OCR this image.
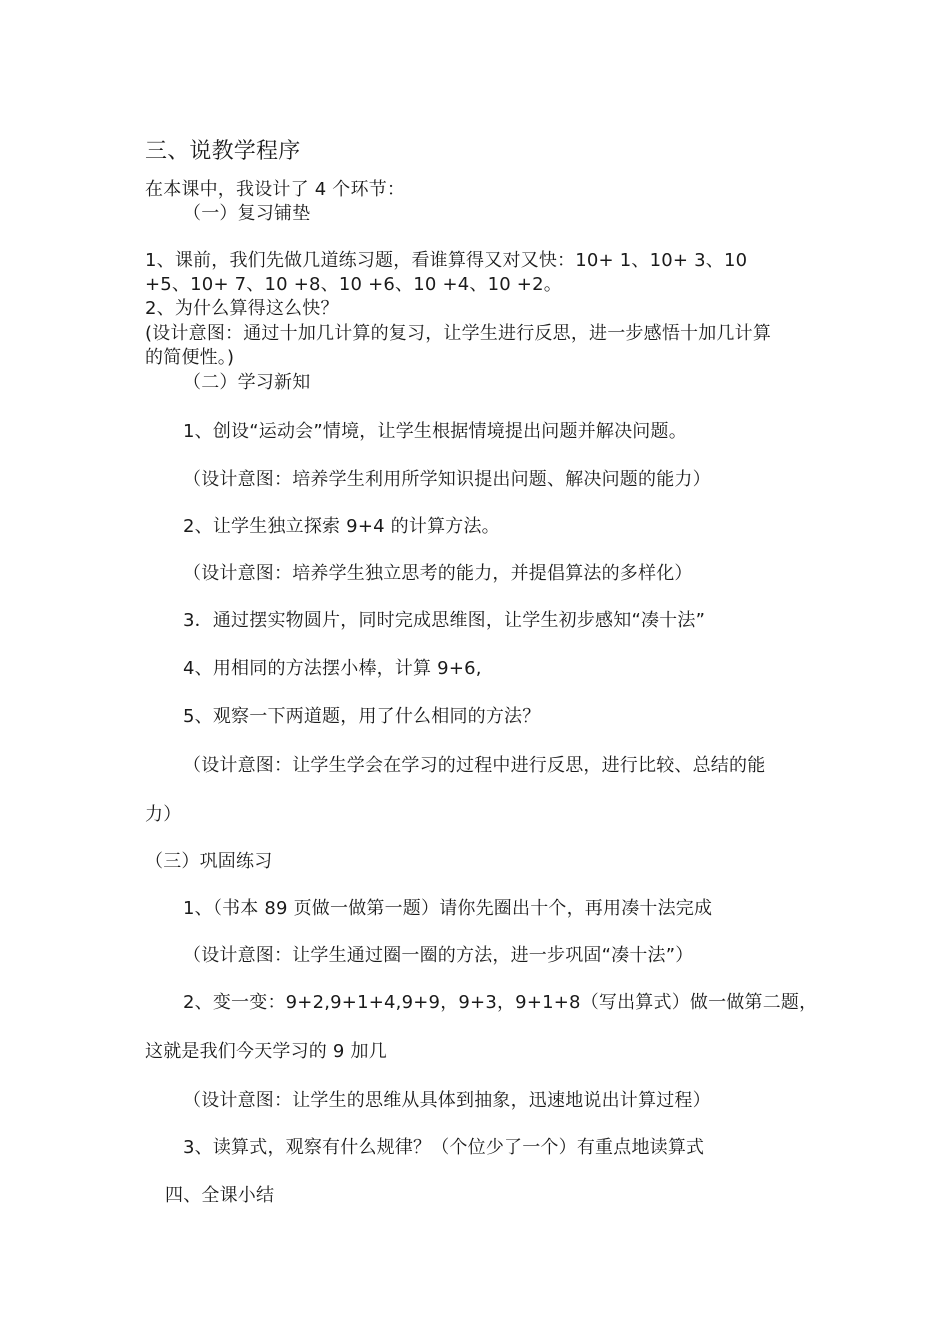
三、说教学程序
在本课中，我设计了 4 个环节：
（一）复习铺垫
1、课前，我们先做几道练习题，看谁算得又对又快：10+ 1、10+ 3、10
+5、10+ 7、10 +8、10 +6、10 +4、10 +2。
2、为什么算得这么快？
(设计意图：通过十加几计算的复习，让学生进行反思，进一步感悟十加几计算
的简便性。)
（二）学习新知
1、创设“运动会”情境，让学生根据情境提出问题并解决问题。
（设计意图：培养学生利用所学知识提出问题、解决问题的能力）
2、让学生独立探索 9+4 的计算方法。
（设计意图：培养学生独立思考的能力，并提倡算法的多样化）
3．通过摆实物圆片，同时完成思维图，让学生初步感知“凑十法”
4、用相同的方法摆小棒，计算 9+6,
5、观察一下两道题，用了什么相同的方法？
（设计意图：让学生学会在学习的过程中进行反思，进行比较、总结的能
力）
（三）巩固练习
1、（书本 89 页做一做第一题）请你先圈出十个，再用凑十法完成
（设计意图：让学生通过圈一圈的方法，进一步巩固“凑十法”）
2、变一变：9+2,9+1+4,9+9，9+3，9+1+8（写出算式）做一做第二题，
这就是我们今天学习的 9 加几
（设计意图：让学生的思维从具体到抽象，迅速地说出计算过程）
3、读算式，观察有什么规律？（个位少了一个）有重点地读算式
四、全课小结
